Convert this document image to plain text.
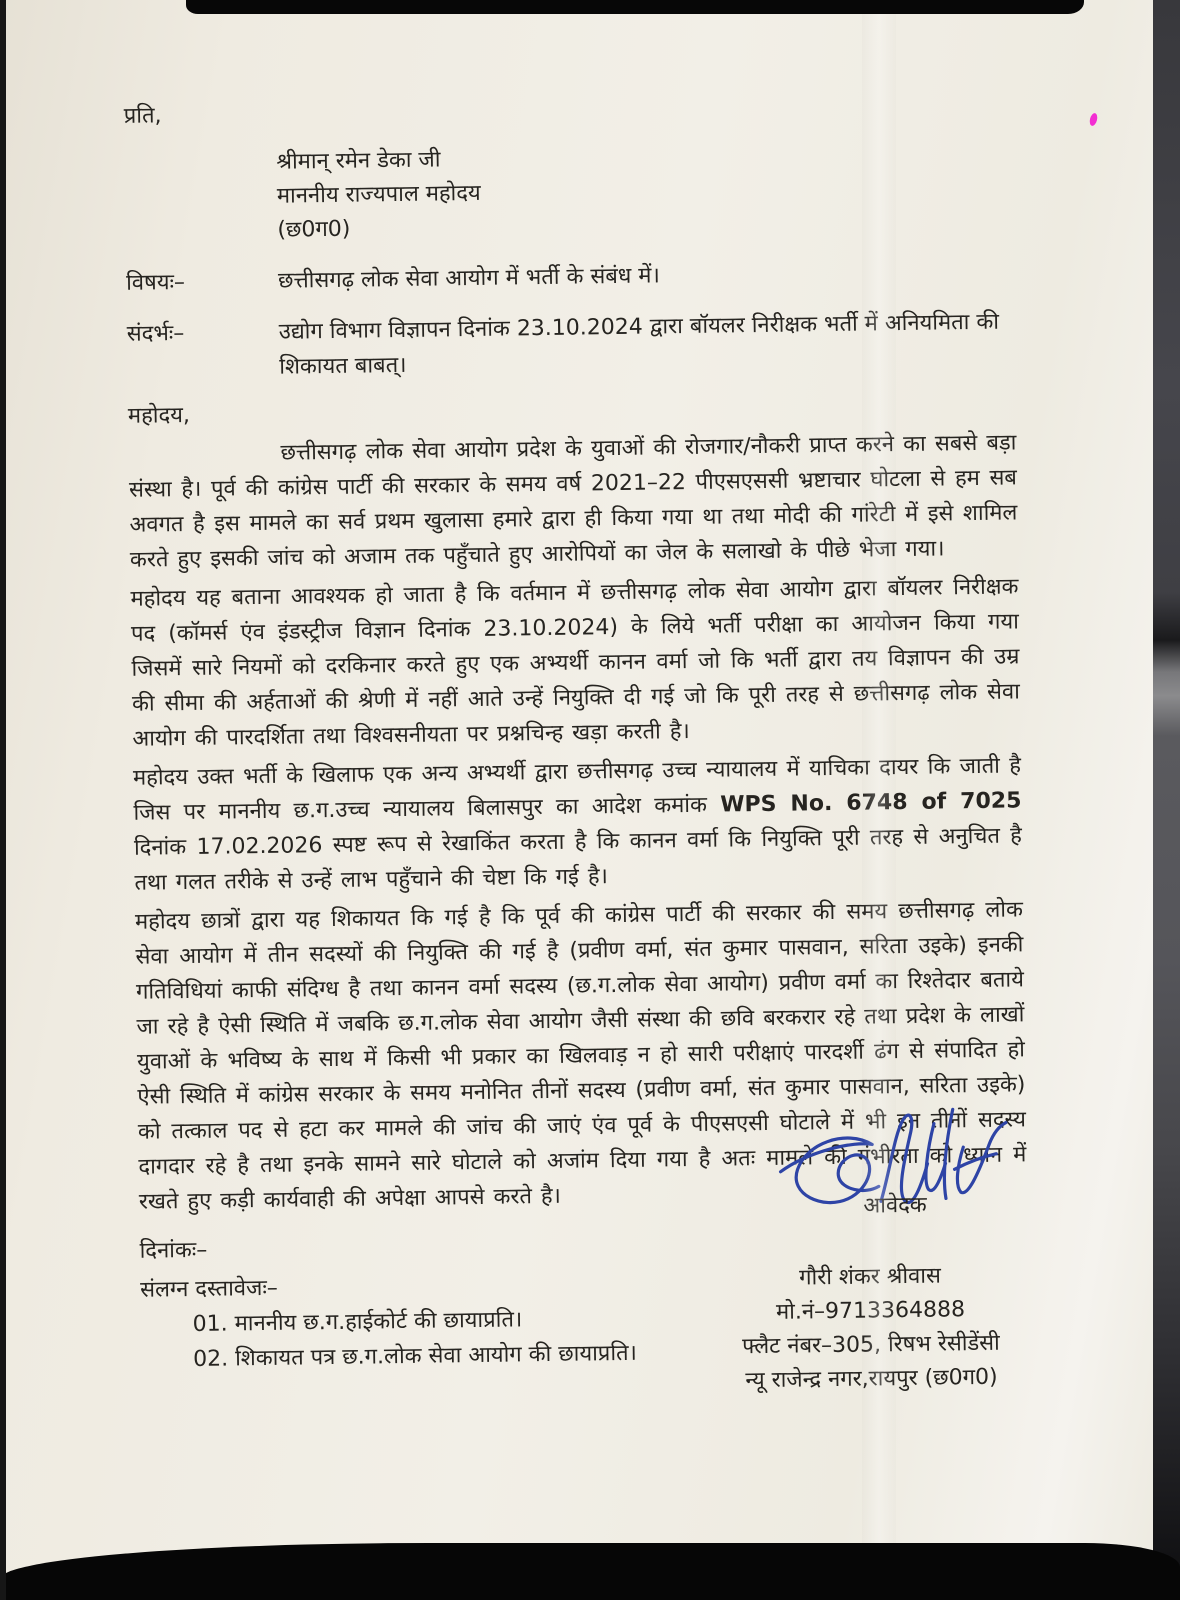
प्रति,
श्रीमान् रमेन डेका जी
माननीय राज्यपाल महोदय
(छ0ग0)
विषयः–	छत्तीसगढ़ लोक सेवा आयोग में भर्ती के संबंध में।
संदर्भः–	उद्योग विभाग विज्ञापन दिनांक 23.10.2024 द्वारा बॉयलर निरीक्षक भर्ती में अनियमिता की शिकायत बाबत्।
महोदय,

छत्तीसगढ़ लोक सेवा आयोग प्रदेश के युवाओं की रोजगार/नौकरी प्राप्त करने का सबसे बड़ा संस्था है। पूर्व की कांग्रेस पार्टी की सरकार के समय वर्ष 2021–22 पीएसएससी भ्रष्टाचार घोटला से हम सब अवगत है इस मामले का सर्व प्रथम खुलासा हमारे द्वारा ही किया गया था तथा मोदी की गांरेटी में इसे शामिल करते हुए इसकी जांच को अजाम तक पहुँचाते हुए आरोपियों का जेल के सलाखो के पीछे भेजा गया।

महोदय यह बताना आवश्यक हो जाता है कि वर्तमान में छत्तीसगढ़ लोक सेवा आयोग द्वारा बॉयलर निरीक्षक पद (कॉमर्स एंव इंडस्ट्रीज विज्ञान दिनांक 23.10.2024) के लिये भर्ती परीक्षा का आयोजन किया गया जिसमें सारे नियमों को दरकिनार करते हुए एक अभ्यर्थी कानन वर्मा जो कि भर्ती द्वारा तय विज्ञापन की उम्र की सीमा की अर्हताओं की श्रेणी में नहीं आते उन्हें नियुक्ति दी गई जो कि पूरी तरह से छत्तीसगढ़ लोक सेवा आयोग की पारदर्शिता तथा विश्वसनीयता पर प्रश्नचिन्ह खड़ा करती है।

महोदय उक्त भर्ती के खिलाफ एक अन्य अभ्यर्थी द्वारा छत्तीसगढ़ उच्च न्यायालय में याचिका दायर कि जाती है जिस पर माननीय छ.ग.उच्च न्यायालय बिलासपुर का आदेश कमांक WPS No. 6748 of 7025 दिनांक 17.02.2026 स्पष्ट रूप से रेखाकिंत करता है कि कानन वर्मा कि नियुक्ति पूरी तरह से अनुचित है तथा गलत तरीके से उन्हें लाभ पहुँचाने की चेष्टा कि गई है।

महोदय छात्रों द्वारा यह शिकायत कि गई है कि पूर्व की कांग्रेस पार्टी की सरकार की समय छत्तीसगढ़ लोक सेवा आयोग में तीन सदस्यों की नियुक्ति की गई है (प्रवीण वर्मा, संत कुमार पासवान, सरिता उइके) इनकी गतिविधियां काफी संदिग्ध है तथा कानन वर्मा सदस्य (छ.ग.लोक सेवा आयोग) प्रवीण वर्मा का रिश्तेदार बताये जा रहे है ऐसी स्थिति में जबकि छ.ग.लोक सेवा आयोग जैसी संस्था की छवि बरकरार रहे तथा प्रदेश के लाखों युवाओं के भविष्य के साथ में किसी भी प्रकार का खिलवाड़ न हो सारी परीक्षाएं पारदर्शी ढंग से संपादित हो ऐसी स्थिति में कांग्रेस सरकार के समय मनोनित तीनों सदस्य (प्रवीण वर्मा, संत कुमार पासवान, सरिता उइके) को तत्काल पद से हटा कर मामले की जांच की जाएं एंव पूर्व के पीएसएसी घोटाले में भी इन तीनों सदस्य दागदार रहे है तथा इनके सामने सारे घोटाले को अजांम दिया गया है अतः मामले की गंभीरता को ध्यान में रखते हुए कड़ी कार्यवाही की अपेक्षा आपसे करते है।

दिनांकः–
संलग्न दस्तावेजः–
01. माननीय छ.ग.हाईकोर्ट की छायाप्रति।
02. शिकायत पत्र छ.ग.लोक सेवा आयोग की छायाप्रति।
आवेदक
गौरी शंकर श्रीवास
मो.नं–9713364888
फ्लैट नंबर–305, रिषभ रेसीडेंसी
न्यू राजेन्द्र नगर,रायपुर (छ0ग0)
